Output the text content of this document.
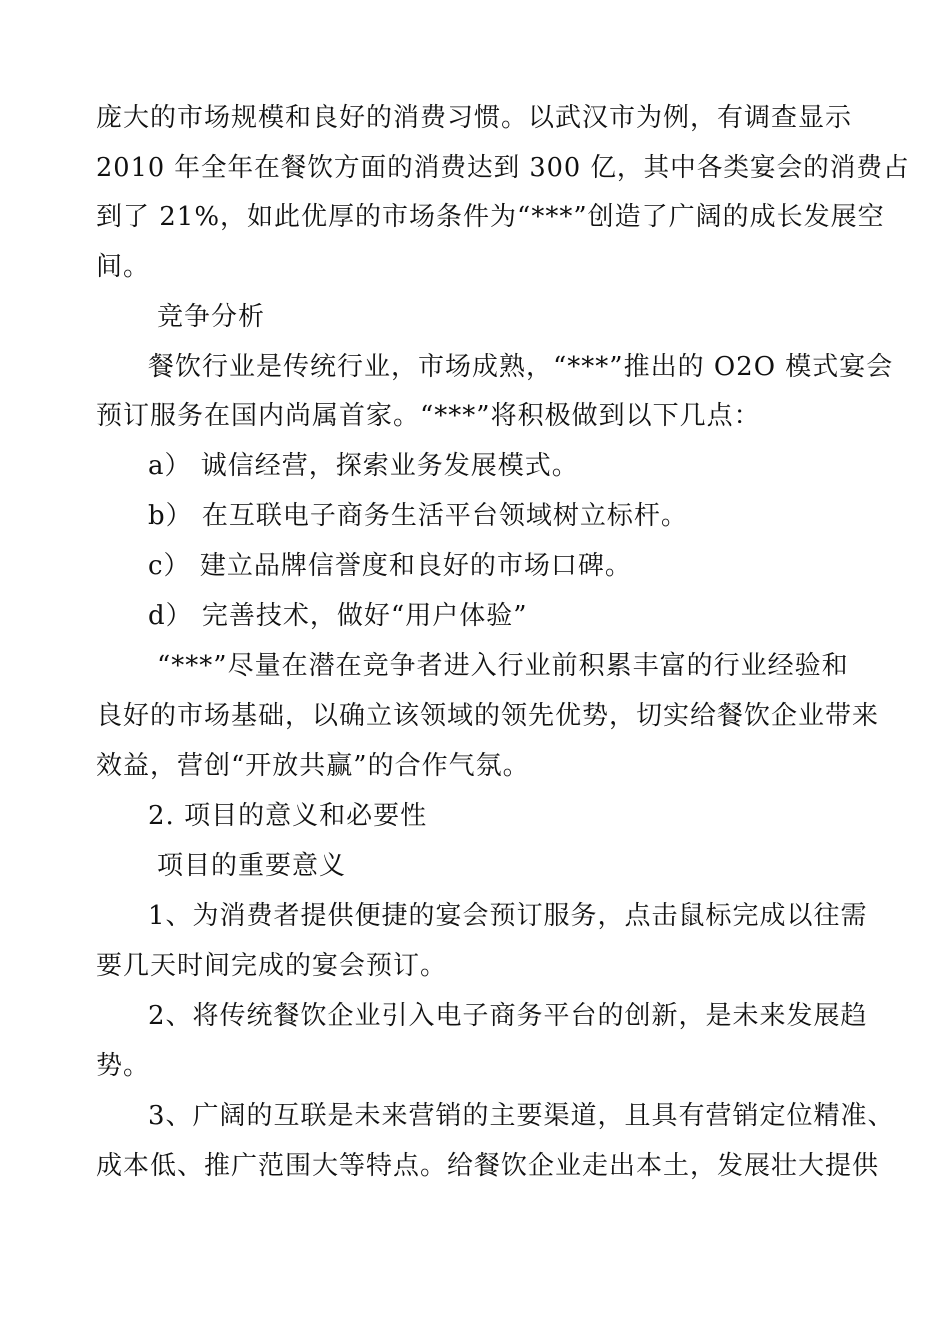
庞大的市场规模和良好的消费习惯。以武汉市为例，有调查显示
2010 年全年在餐饮方面的消费达到 300 亿，其中各类宴会的消费占
到了 21%，如此优厚的市场条件为“***”创造了广阔的成长发展空
间。
竞争分析
餐饮行业是传统行业，市场成熟，“***”推出的 O2O 模式宴会
预订服务在国内尚属首家。“***”将积极做到以下几点：
a） 诚信经营，探索业务发展模式。
b） 在互联电子商务生活平台领域树立标杆。
c） 建立品牌信誉度和良好的市场口碑。
d） 完善技术，做好“用户体验”
“***”尽量在潜在竞争者进入行业前积累丰富的行业经验和
良好的市场基础，以确立该领域的领先优势，切实给餐饮企业带来
效益，营创“开放共赢”的合作气氛。
2. 项目的意义和必要性
项目的重要意义
1、为消费者提供便捷的宴会预订服务，点击鼠标完成以往需
要几天时间完成的宴会预订。
2、将传统餐饮企业引入电子商务平台的创新，是未来发展趋
势。
3、广阔的互联是未来营销的主要渠道，且具有营销定位精准、
成本低、推广范围大等特点。给餐饮企业走出本土，发展壮大提供
